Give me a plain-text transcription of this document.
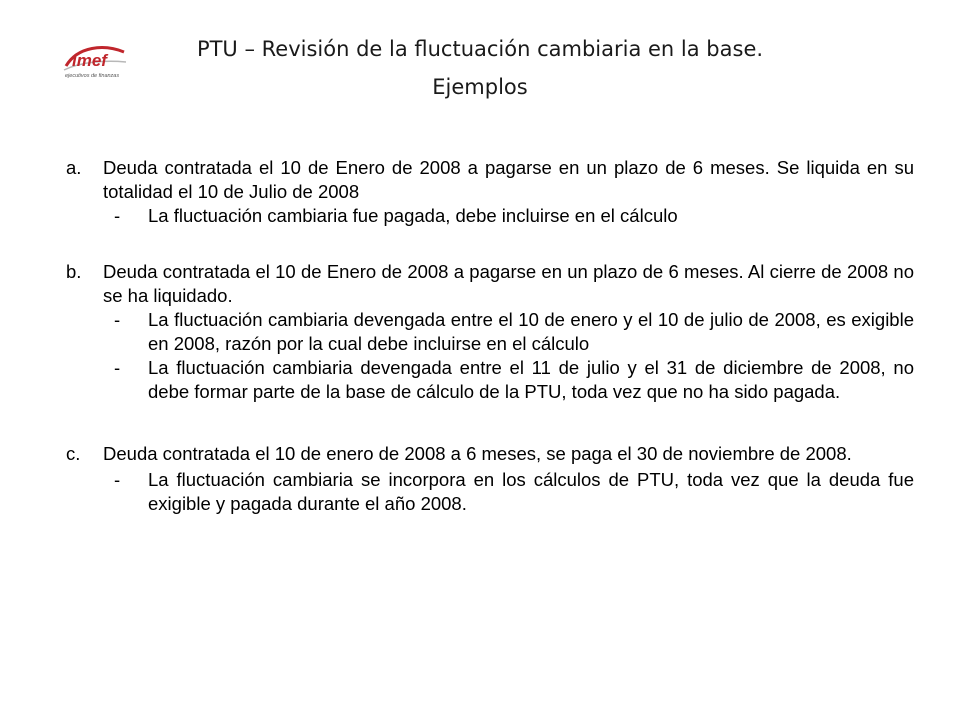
imef
ejecutivos de finanzas
PTU – Revisión de la fluctuación cambiaria en la base.
Ejemplos
a.	Deuda contratada el 10 de Enero de 2008 a pagarse en un plazo de 6 meses. Se liquida en su totalidad el 10 de Julio de 2008
-	La fluctuación cambiaria fue pagada, debe incluirse en el cálculo
b.	Deuda contratada el 10 de Enero de 2008 a pagarse en un plazo de 6 meses. Al cierre de 2008 no se ha liquidado.
-	La fluctuación cambiaria devengada entre el 10 de enero y el 10 de julio de 2008, es exigible en 2008, razón por la cual debe incluirse en el cálculo
-	La fluctuación cambiaria devengada entre el 11 de julio y el 31 de diciembre de 2008, no debe formar parte de la base de cálculo de la PTU, toda vez que no ha sido pagada.
c.	Deuda contratada el 10 de enero de 2008 a 6 meses, se paga el 30 de noviembre de 2008.
-	La fluctuación cambiaria se incorpora en los cálculos de PTU, toda vez que la deuda fue exigible y pagada durante el año 2008.
